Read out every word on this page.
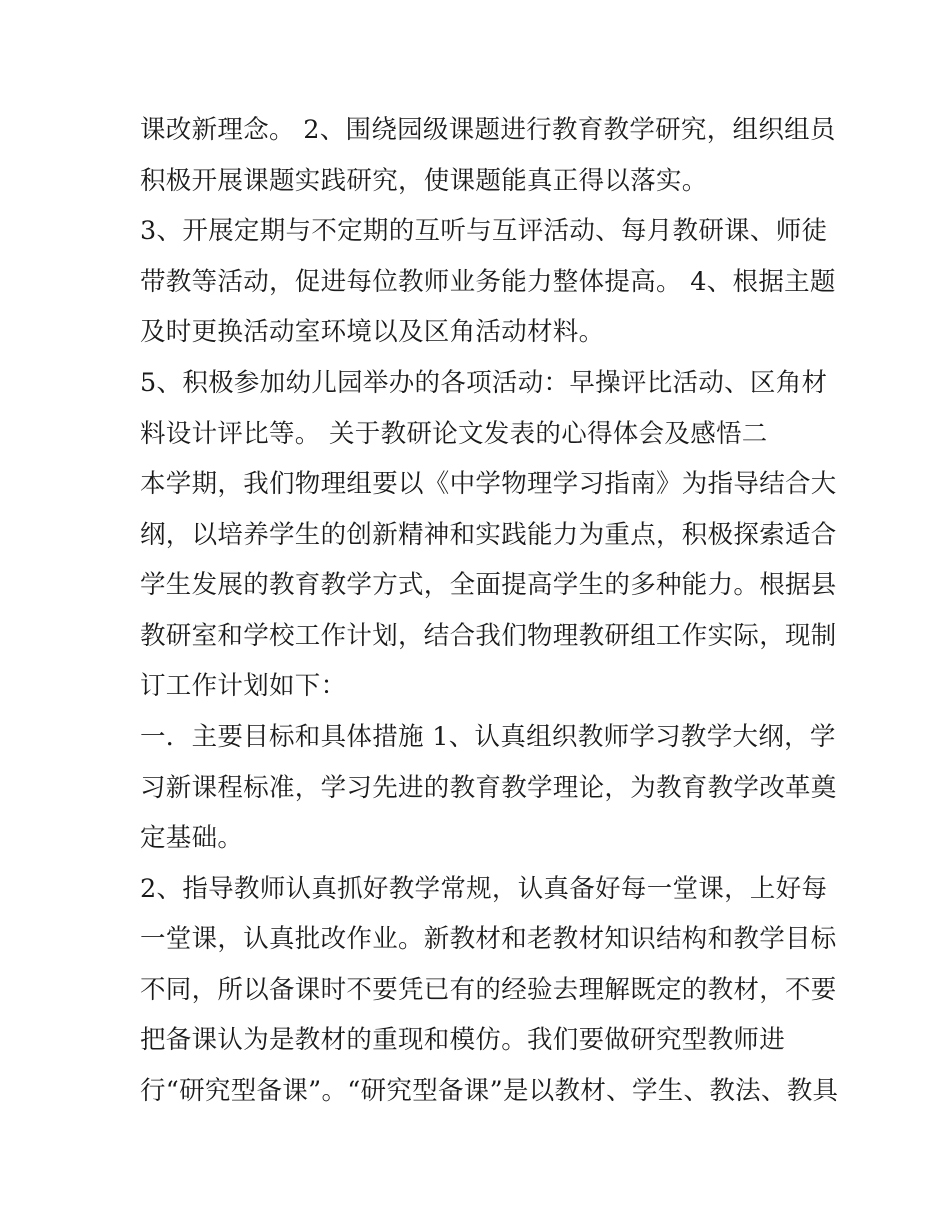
课改新理念。 2、围绕园级课题进行教育教学研究，组织组员
积极开展课题实践研究，使课题能真正得以落实。
3、开展定期与不定期的互听与互评活动、每月教研课、师徒
带教等活动，促进每位教师业务能力整体提高。 4、根据主题
及时更换活动室环境以及区角活动材料。
5、积极参加幼儿园举办的各项活动：早操评比活动、区角材
料设计评比等。 关于教研论文发表的心得体会及感悟二
本学期，我们物理组要以《中学物理学习指南》为指导结合大
纲，以培养学生的创新精神和实践能力为重点，积极探索适合
学生发展的教育教学方式，全面提高学生的多种能力。根据县
教研室和学校工作计划，结合我们物理教研组工作实际，现制
订工作计划如下：
一．主要目标和具体措施 1、认真组织教师学习教学大纲，学
习新课程标准，学习先进的教育教学理论，为教育教学改革奠
定基础。
2、指导教师认真抓好教学常规，认真备好每一堂课，上好每
一堂课，认真批改作业。新教材和老教材知识结构和教学目标
不同，所以备课时不要凭已有的经验去理解既定的教材，不要
把备课认为是教材的重现和模仿。我们要做研究型教师进
行“研究型备课”。“研究型备课”是以教材、学生、教法、教具
